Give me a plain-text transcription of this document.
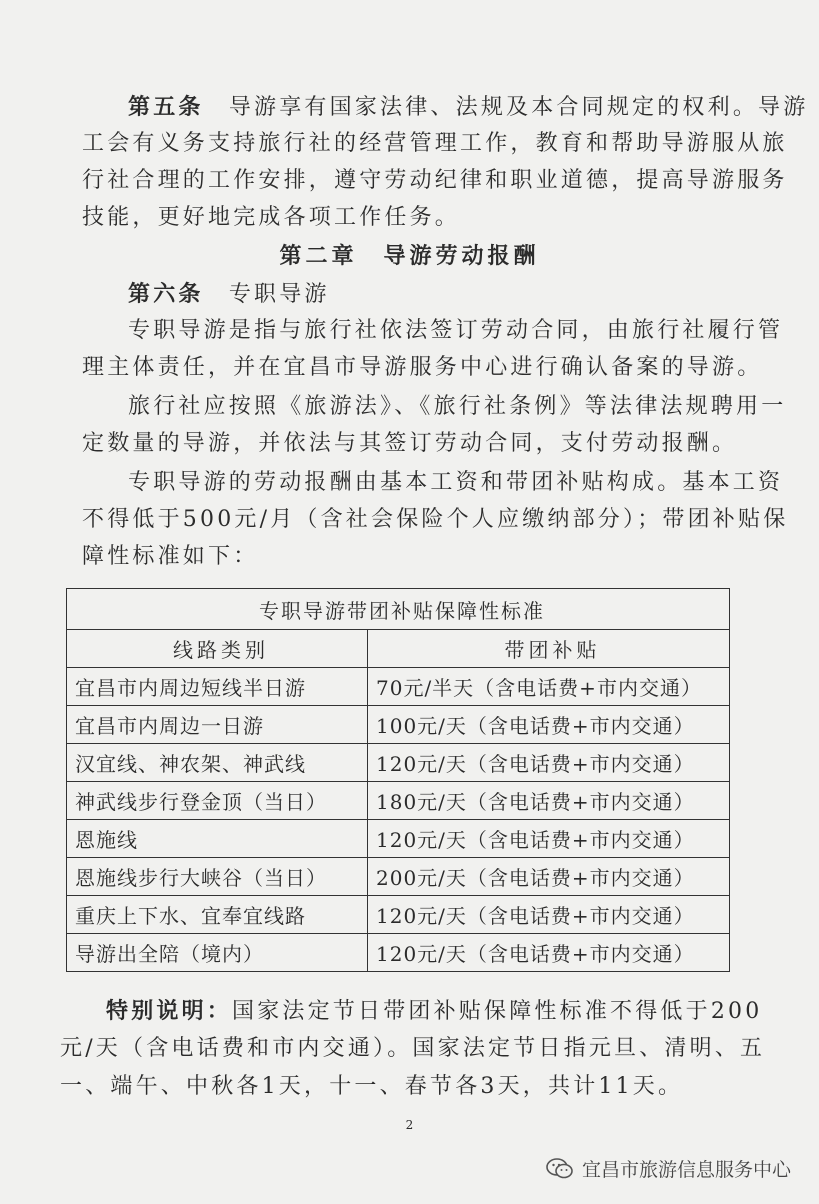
第五条　 导游享有国家法律、法规及本合同规定的权利。导游
工会有义务支持旅行社的经营管理工作，教育和帮助导游服从旅
行社合理的工作安排，遵守劳动纪律和职业道德，提高导游服务
技能，更好地完成各项工作任务。
第二章　导游劳动报酬
第六条　 专职导游
专职导游是指与旅行社依法签订劳动合同，由旅行社履行管
理主体责任，并在宜昌市导游服务中心进行确认备案的导游。
旅行社应按照《旅游法》、《旅行社条例》等法律法规聘用一
定数量的导游，并依法与其签订劳动合同，支付劳动报酬。
专职导游的劳动报酬由基本工资和带团补贴构成。基本工资
不得低于500元/月（含社会保险个人应缴纳部分）；带团补贴保
障性标准如下：
专职导游带团补贴保障性标准	
线路类别	带团补贴
宜昌市内周边短线半日游	70元/半天（含电话费+市内交通）
宜昌市内周边一日游	100元/天（含电话费+市内交通）
汉宜线、神农架、神武线	120元/天（含电话费+市内交通）
神武线步行登金顶（当日）	180元/天（含电话费+市内交通）
恩施线	120元/天（含电话费+市内交通）
恩施线步行大峡谷（当日）	200元/天（含电话费+市内交通）
重庆上下水、宜奉宜线路	120元/天（含电话费+市内交通）
导游出全陪（境内）	120元/天（含电话费+市内交通）
特别说明：国家法定节日带团补贴保障性标准不得低于200
元/天（含电话费和市内交通）。国家法定节日指元旦、清明、五
一、端午、中秋各1天，十一、春节各3天，共计11天。
2
宜昌市旅游信息服务中心
